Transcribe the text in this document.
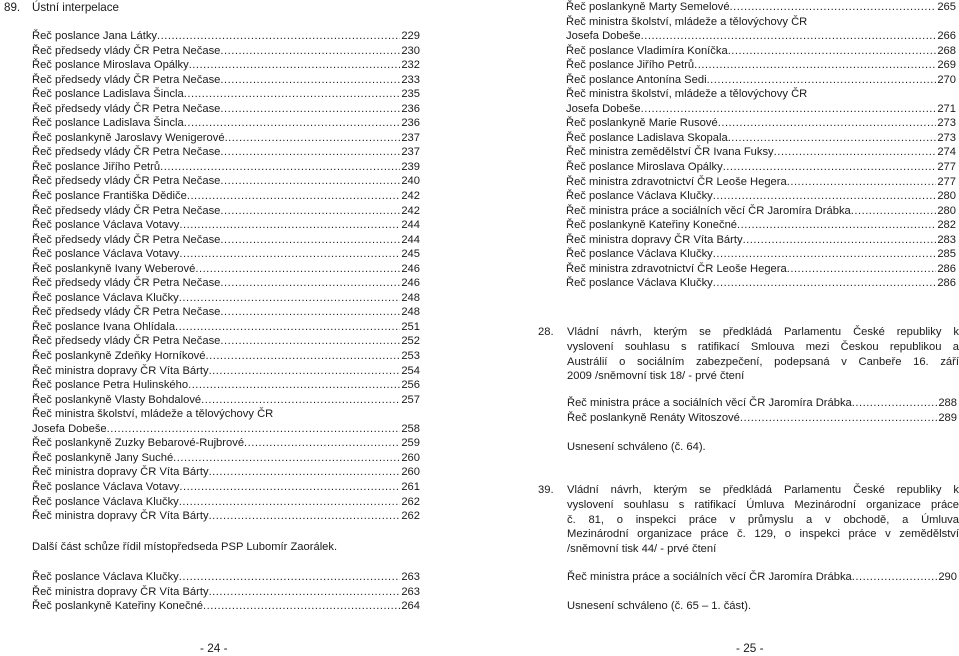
89. Ústní interpelace
Řeč poslance Jana Látky .....	229
Řeč předsedy vlády ČR Petra Nečase .....	230
Řeč poslance Miroslava Opálky .....	232
Řeč předsedy vlády ČR Petra Nečase .....	233
Řeč poslance Ladislava Šincla .....	235
Řeč předsedy vlády ČR Petra Nečase .....	236
Řeč poslance Ladislava Šincla .....	236
Řeč poslankyně Jaroslavy Wenigerové .....	237
Řeč předsedy vlády ČR Petra Nečase .....	237
Řeč poslance Jiřího Petrů .....	239
Řeč předsedy vlády ČR Petra Nečase .....	240
Řeč poslance Františka Dědiče .....	242
Řeč předsedy vlády ČR Petra Nečase .....	242
Řeč poslance Václava Votavy .....	244
Řeč předsedy vlády ČR Petra Nečase .....	244
Řeč poslance Václava Votavy .....	245
Řeč poslankyně Ivany Weberové .....	246
Řeč předsedy vlády ČR Petra Nečase .....	246
Řeč poslance Václava Klučky .....	248
Řeč předsedy vlády ČR Petra Nečase .....	248
Řeč poslance Ivana Ohlídala .....	251
Řeč předsedy vlády ČR Petra Nečase .....	252
Řeč poslankyně Zdeňky Horníkové .....	253
Řeč ministra dopravy ČR Víta Bárty .....	254
Řeč poslance Petra Hulinského .....	256
Řeč poslankyně Vlasty Bohdalové .....	257
Řeč ministra školství, mládeže a tělovýchovy ČR
Josefa Dobeše .....	258
Řeč poslankyně Zuzky Bebarové-Rujbrové .....	259
Řeč poslankyně Jany Suché .....	260
Řeč ministra dopravy ČR Víta Bárty .....	260
Řeč poslance Václava Votavy .....	261
Řeč poslance Václava Klučky .....	262
Řeč ministra dopravy ČR Víta Bárty .....	262
Další část schůze řídil místopředseda PSP Lubomír Zaorálek.
Řeč poslance Václava Klučky .....	263
Řeč ministra dopravy ČR Víta Bárty .....	263
Řeč poslankyně Kateřiny Konečné .....	264
- 24 -
Řeč poslankyně Marty Semelové .....	265
Řeč ministra školství, mládeže a tělovýchovy ČR
Josefa Dobeše .....	266
Řeč poslance Vladimíra Koníčka .....	268
Řeč poslance Jiřího Petrů .....	269
Řeč poslance Antonína Sedi .....	270
Řeč ministra školství, mládeže a tělovýchovy ČR
Josefa Dobeše .....	271
Řeč poslankyně Marie Rusové .....	273
Řeč poslance Ladislava Skopala .....	273
Řeč ministra zemědělství ČR Ivana Fuksy .....	274
Řeč poslance Miroslava Opálky .....	277
Řeč ministra zdravotnictví ČR Leoše Hegera .....	277
Řeč poslance Václava Klučky .....	280
Řeč ministra práce a sociálních věcí ČR Jaromíra Drábka .....	280
Řeč poslankyně Kateřiny Konečné .....	282
Řeč ministra dopravy ČR Víta Bárty .....	283
Řeč poslance Václava Klučky .....	285
Řeč ministra zdravotnictví ČR Leoše Hegera .....	286
Řeč poslance Václava Klučky .....	286
- 25 -
28.	Vládní návrh, kterým se předkládá Parlamentu České republiky k
vyslovení souhlasu s ratifikací Smlouva mezi Českou republikou a
Austrálií o sociálním zabezpečení, podepsaná v Canbeře 16. září
2009 /sněmovní tisk 18/ - prvé čtení
Řeč ministra práce a sociálních věcí ČR Jaromíra Drábka .....	288
Řeč poslankyně Renáty Witoszové .....	289
Usnesení schváleno (č. 64).
39.	Vládní návrh, kterým se předkládá Parlamentu České republiky k
vyslovení souhlasu s ratifikací Úmluva Mezinárodní organizace práce
č. 81, o inspekci práce v průmyslu a v obchodě, a Úmluva
Mezinárodní organizace práce č. 129, o inspekci práce v zemědělství
/sněmovní tisk 44/ - prvé čtení
Řeč ministra práce a sociálních věcí ČR Jaromíra Drábka .....	290
Usnesení schváleno (č. 65 – 1. část).
